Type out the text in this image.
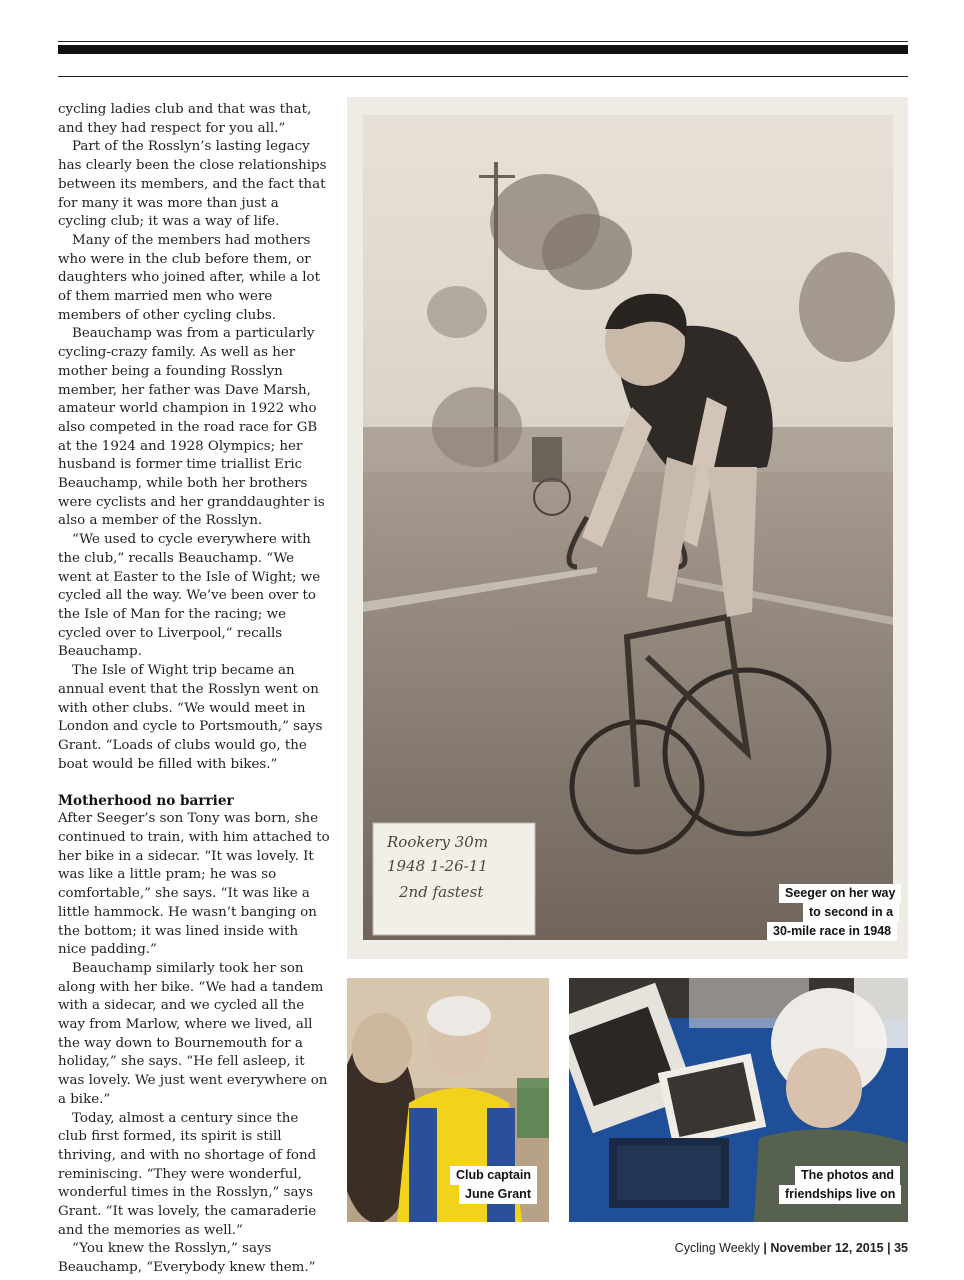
cycling ladies club and that was that, and they had respect for you all.”

Part of the Rosslyn’s lasting legacy has clearly been the close relationships between its members, and the fact that for many it was more than just a cycling club; it was a way of life.

Many of the members had mothers who were in the club before them, or daughters who joined after, while a lot of them married men who were members of other cycling clubs.

Beauchamp was from a particularly cycling-crazy family. As well as her mother being a founding Rosslyn member, her father was Dave Marsh, amateur world champion in 1922 who also competed in the road race for GB at the 1924 and 1928 Olympics; her husband is former time triallist Eric Beauchamp, while both her brothers were cyclists and her granddaughter is also a member of the Rosslyn.

“We used to cycle everywhere with the club,” recalls Beauchamp. “We went at Easter to the Isle of Wight; we cycled all the way. We’ve been over to the Isle of Man for the racing; we cycled over to Liverpool,” recalls Beauchamp.

The Isle of Wight trip became an annual event that the Rosslyn went on with other clubs. “We would meet in London and cycle to Portsmouth,” says Grant. “Loads of clubs would go, the boat would be filled with bikes.”

Motherhood no barrier

After Seeger’s son Tony was born, she continued to train, with him attached to her bike in a sidecar. “It was lovely. It was like a little pram; he was so comfortable,” she says. “It was like a little hammock. He wasn’t banging on the bottom; it was lined inside with nice padding.”

Beauchamp similarly took her son along with her bike. “We had a tandem with a sidecar, and we cycled all the way from Marlow, where we lived, all the way down to Bournemouth for a holiday,” she says. “He fell asleep, it was lovely. We just went everywhere on a bike.”

Today, almost a century since the club first formed, its spirit is still thriving, and with no shortage of fond reminiscing. “They were wonderful, wonderful times in the Rosslyn,” says Grant. “It was lovely, the camaraderie and the memories as well.”

“You knew the Rosslyn,” says Beauchamp, “Everybody knew them.”

Rookery 30m
1948 1-26-11
2nd fastest	Seeger on her way
to second in a
30-mile race in 1948
Club captain
June Grant
The photos and
friendships live on
Cycling Weekly | November 12, 2015 | 35
